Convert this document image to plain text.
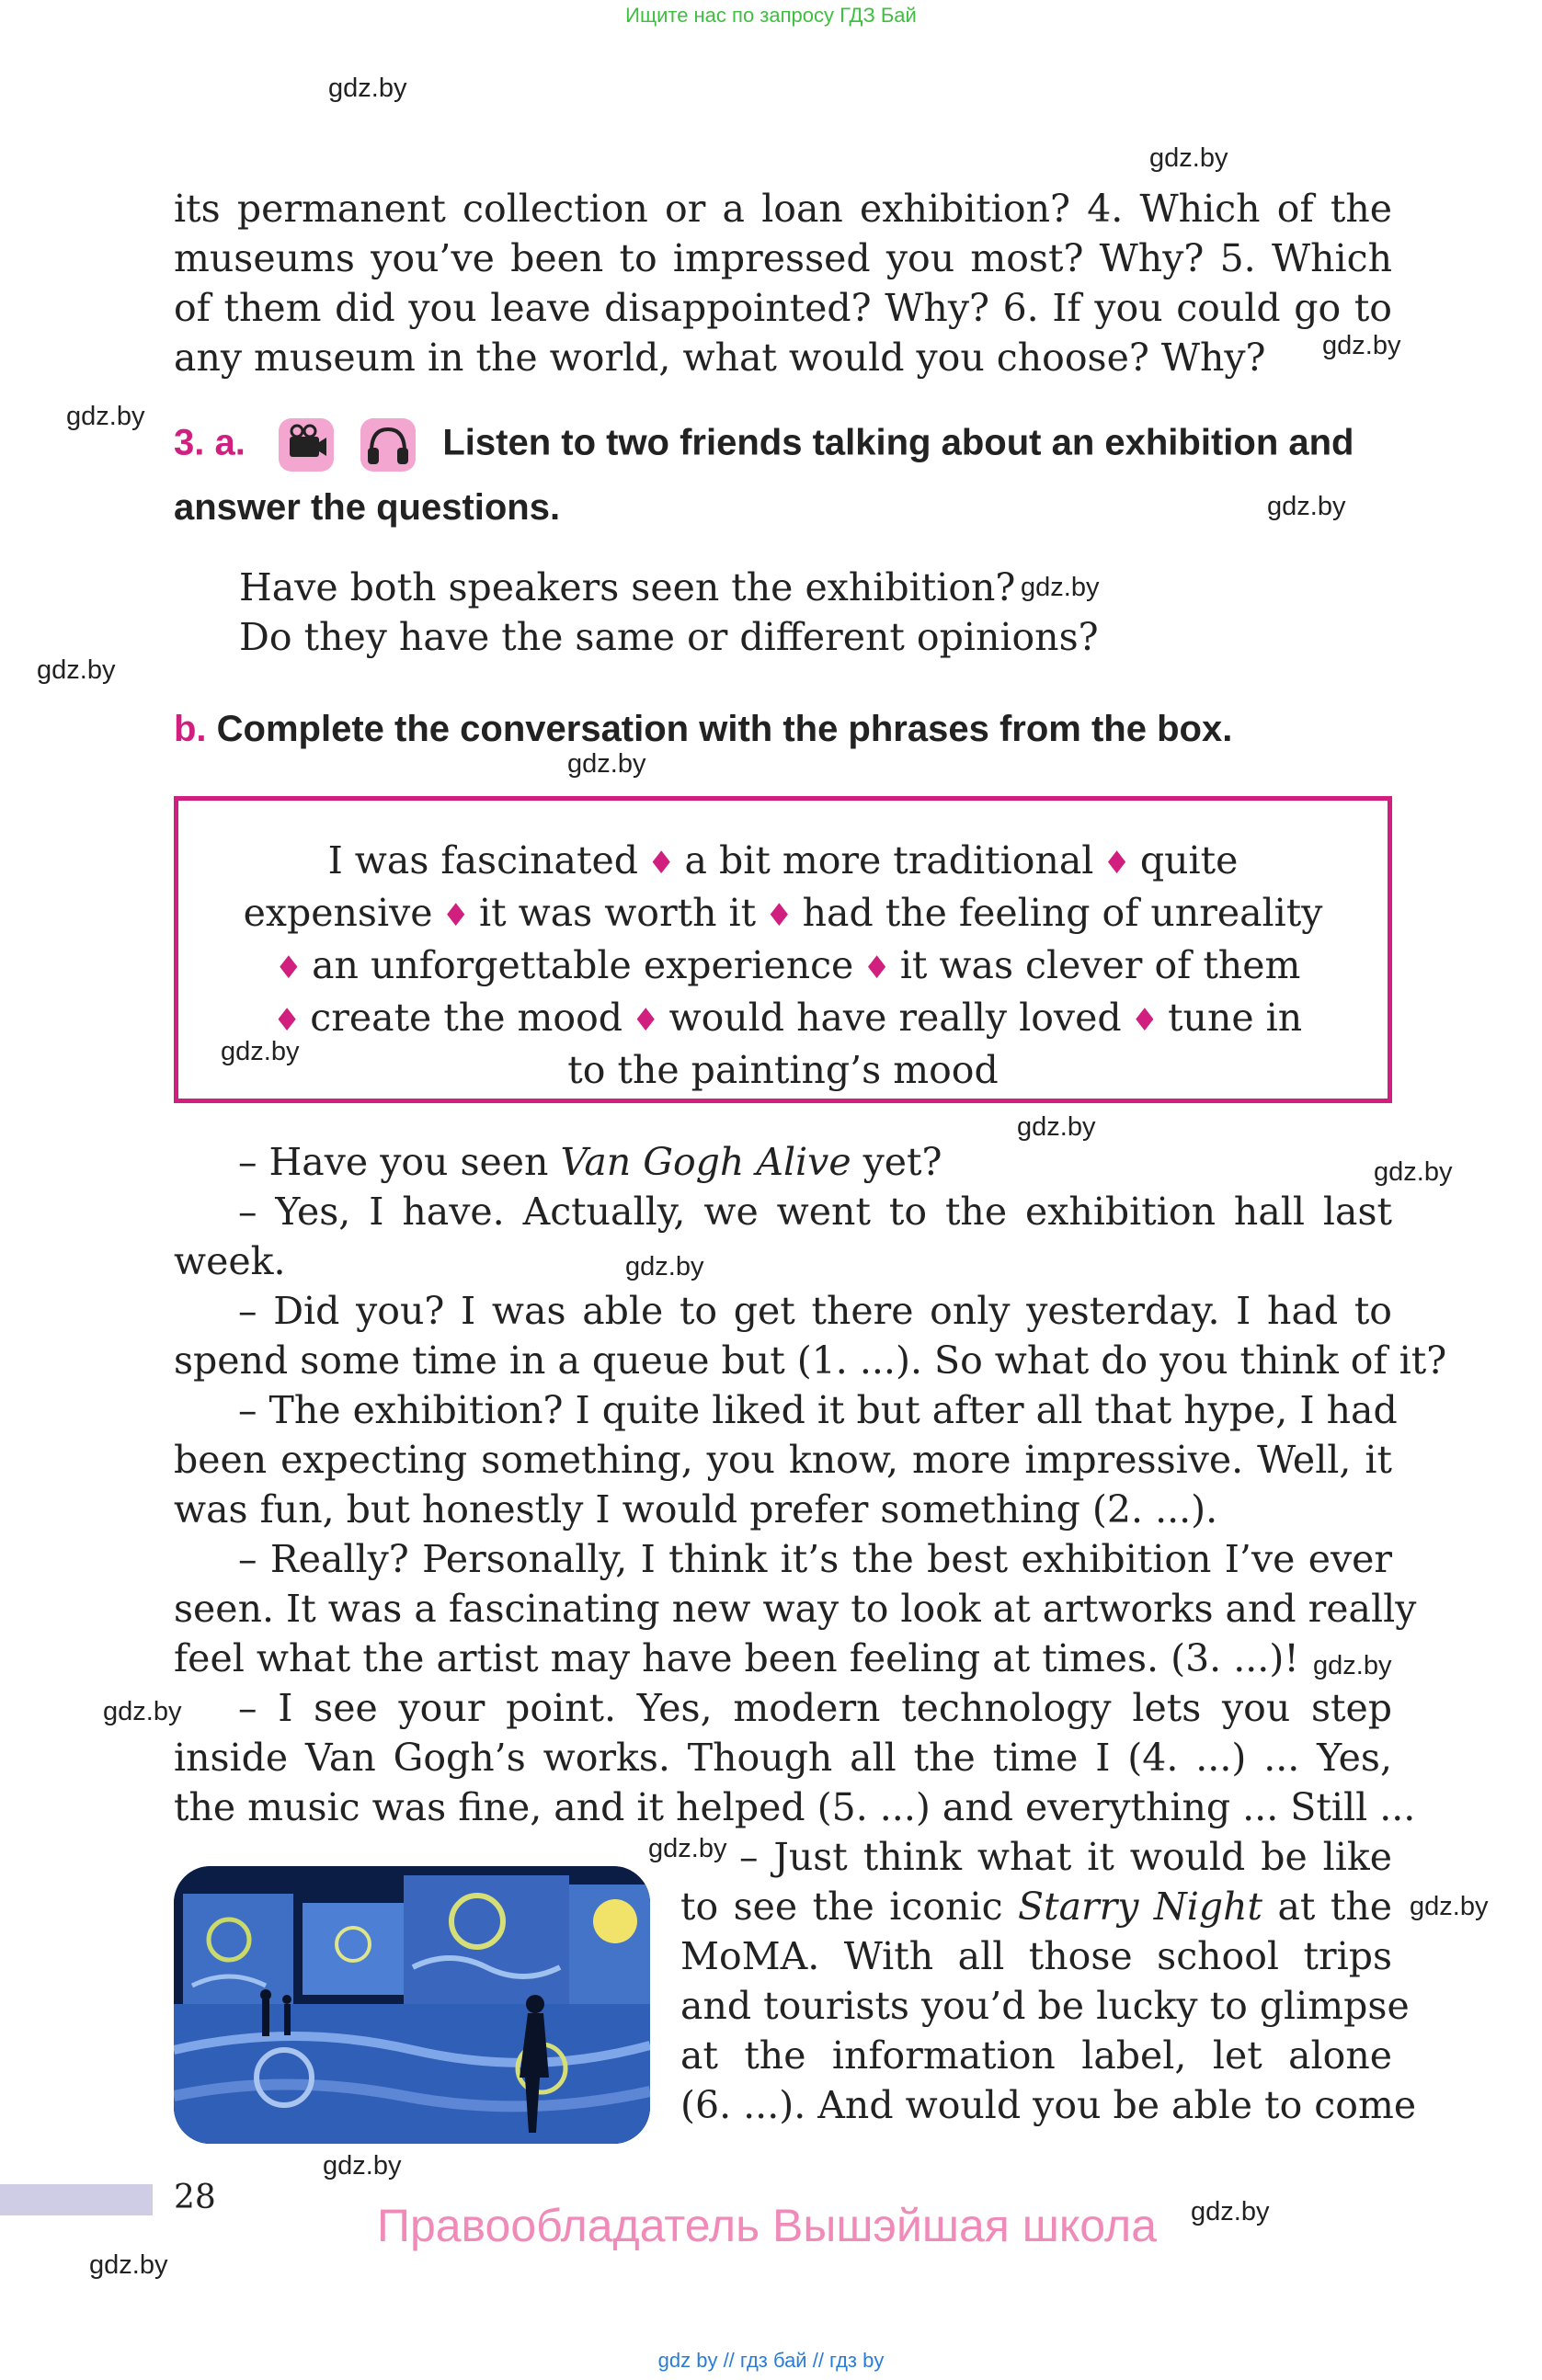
Ищите нас по запросу ГДЗ Бай
gdz.by
gdz.by
gdz.by
gdz.by
gdz.by
gdz.by
gdz.by
gdz.by
gdz.by
gdz.by
gdz.by
gdz.by
gdz.by
gdz.by
gdz.by
gdz.by
gdz.by
gdz.by
gdz.by
its permanent collection or a loan exhibition? 4. Which of the
museums you’ve been to impressed you most? Why? 5. Which
of them did you leave disappointed? Why? 6. If you could go to
any museum in the world, what would you choose? Why?
3. a.	Listen to two friends talking about an exhibition and
answer the questions.
Have both speakers seen the exhibition?
Do they have the same or different opinions?
b. Complete the conversation with the phrases from the box.
I was fascinated ♦ a bit more traditional ♦ quite
expensive ♦ it was worth it ♦ had the feeling of unreality
♦ an unforgettable experience ♦ it was clever of them
♦ create the mood ♦ would have really loved ♦ tune in
to the painting’s mood
– Have you seen Van Gogh Alive yet?
– Yes, I have. Actually, we went to the exhibition hall last
week.
– Did you? I was able to get there only yesterday. I had to
spend some time in a queue but (1. ...). So what do you think of it?
– The exhibition? I quite liked it but after all that hype, I had
been expecting something, you know, more impressive. Well, it
was fun, but honestly I would prefer something (2. ...).
– Really? Personally, I think it’s the best exhibition I’ve ever
seen. It was a fascinating new way to look at artworks and really
feel what the artist may have been feeling at times. (3. ...)!
– I see your point. Yes, modern technology lets you step
inside Van Gogh’s works. Though all the time I (4. ...) ... Yes,
the music was fine, and it helped (5. ...) and everything ... Still ...
– Just think what it would be like
to see the iconic Starry Night at the
MoMA. With all those school trips
and tourists you’d be lucky to glimpse
at the information label, let alone
(6. ...). And would you be able to come
28
Правообладатель Вышэйшая школа
gdz by // гдз бай // гдз by
